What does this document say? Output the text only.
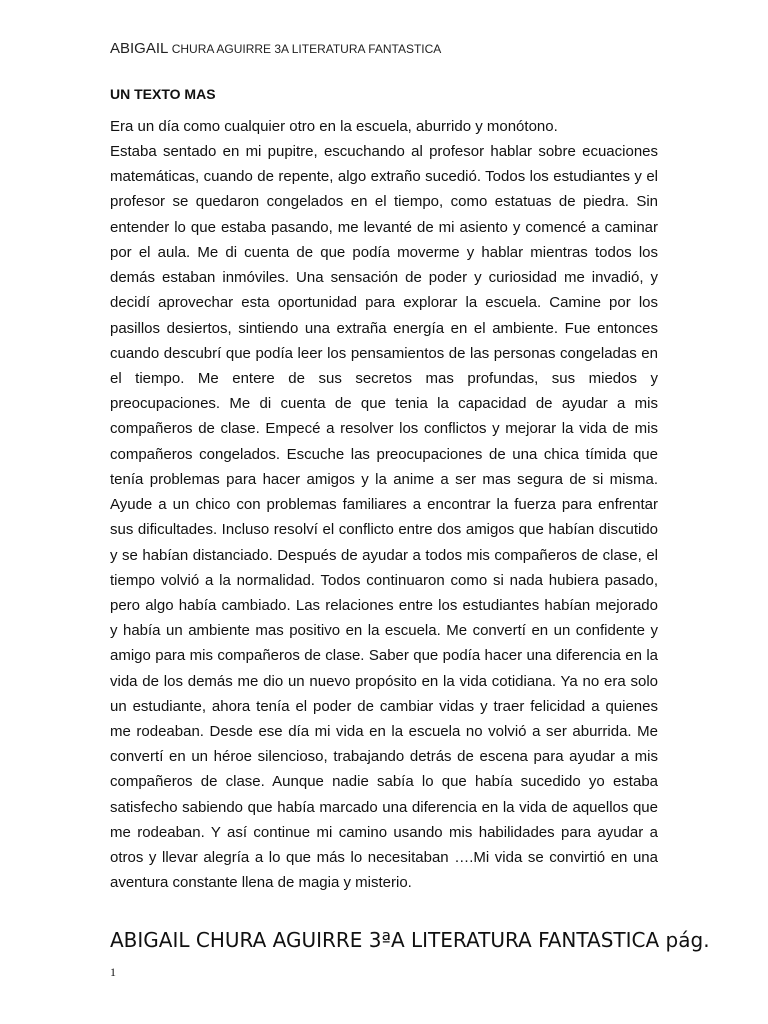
ABIGAIL CHURA AGUIRRE 3A LITERATURA FANTASTICA
UN TEXTO MAS
Era un día como cualquier otro en la escuela, aburrido y monótono.
Estaba sentado en mi pupitre, escuchando al profesor hablar sobre ecuaciones matemáticas, cuando de repente, algo extraño sucedió. Todos los estudiantes y el profesor se quedaron congelados en el tiempo, como estatuas de piedra. Sin entender lo que estaba pasando, me levanté de mi asiento y comencé a caminar por el aula. Me di cuenta de que podía moverme y hablar mientras todos los demás estaban inmóviles. Una sensación de poder y curiosidad me invadió, y decidí aprovechar esta oportunidad para explorar la escuela. Camine por los pasillos desiertos, sintiendo una extraña energía en el ambiente. Fue entonces cuando descubrí que podía leer los pensamientos de las personas congeladas en el tiempo. Me entere de sus secretos mas profundas, sus miedos y preocupaciones. Me di cuenta de que tenia la capacidad de ayudar a mis compañeros de clase. Empecé a resolver los conflictos y mejorar la vida de mis compañeros congelados. Escuche las preocupaciones de una chica tímida que tenía problemas para hacer amigos y la anime a ser mas segura de si misma. Ayude a un chico con problemas familiares a encontrar la fuerza para enfrentar sus dificultades. Incluso resolví el conflicto entre dos amigos que habían discutido y se habían distanciado. Después de ayudar a todos mis compañeros de clase, el tiempo volvió a la normalidad. Todos continuaron como si nada hubiera pasado, pero algo había cambiado. Las relaciones entre los estudiantes habían mejorado y había un ambiente mas positivo en la escuela. Me convertí en un confidente y amigo para mis compañeros de clase. Saber que podía hacer una diferencia en la vida de los demás me dio un nuevo propósito en la vida cotidiana. Ya no era solo un estudiante, ahora tenía el poder de cambiar vidas y traer felicidad a quienes me rodeaban. Desde ese día mi vida en la escuela no volvió a ser aburrida. Me convertí en un héroe silencioso, trabajando detrás de escena para ayudar a mis compañeros de clase. Aunque nadie sabía lo que había sucedido yo estaba satisfecho sabiendo que había marcado una diferencia en la vida de aquellos que me rodeaban. Y así continue mi camino usando mis habilidades para ayudar a otros y llevar alegría a lo que más lo necesitaban ….Mi vida se convirtió en una aventura constante llena de magia y misterio.
ABIGAIL CHURA AGUIRRE 3ªA LITERATURA FANTASTICA pág. 1
